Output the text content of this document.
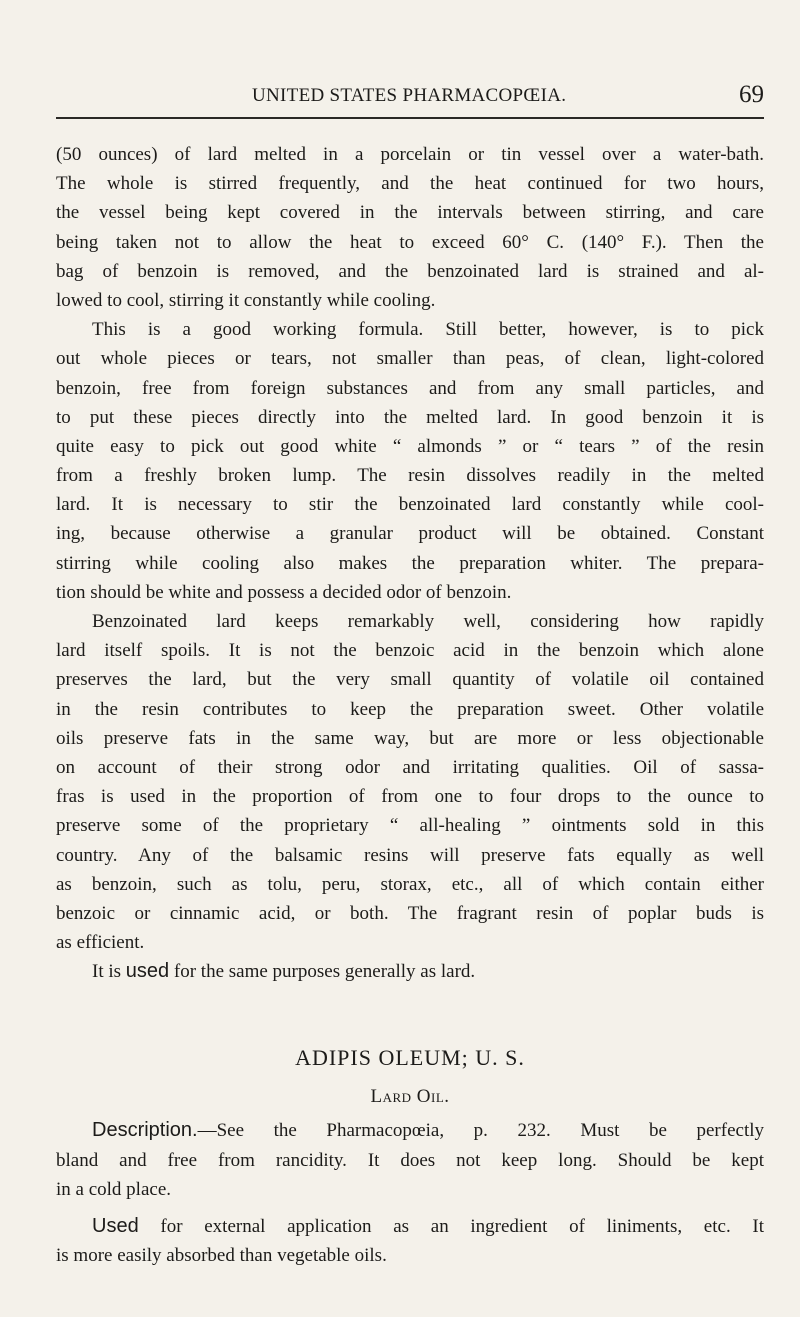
UNITED STATES PHARMACOPŒIA.	69
(50 ounces) of lard melted in a porcelain or tin vessel over a water-bath.
The whole is stirred frequently, and the heat continued for two hours,
the vessel being kept covered in the intervals between stirring, and care
being taken not to allow the heat to exceed 60° C. (140° F.). Then the
bag of benzoin is removed, and the benzoinated lard is strained and al-
lowed to cool, stirring it constantly while cooling.
This is a good working formula. Still better, however, is to pick
out whole pieces or tears, not smaller than peas, of clean, light-colored
benzoin, free from foreign substances and from any small particles, and
to put these pieces directly into the melted lard. In good benzoin it is
quite easy to pick out good white “ almonds ” or “ tears ” of the resin
from a freshly broken lump. The resin dissolves readily in the melted
lard. It is necessary to stir the benzoinated lard constantly while cool-
ing, because otherwise a granular product will be obtained. Constant
stirring while cooling also makes the preparation whiter. The prepara-
tion should be white and possess a decided odor of benzoin.
Benzoinated lard keeps remarkably well, considering how rapidly
lard itself spoils. It is not the benzoic acid in the benzoin which alone
preserves the lard, but the very small quantity of volatile oil contained
in the resin contributes to keep the preparation sweet. Other volatile
oils preserve fats in the same way, but are more or less objectionable
on account of their strong odor and irritating qualities. Oil of sassa-
fras is used in the proportion of from one to four drops to the ounce to
preserve some of the proprietary “ all-healing ” ointments sold in this
country. Any of the balsamic resins will preserve fats equally as well
as benzoin, such as tolu, peru, storax, etc., all of which contain either
benzoic or cinnamic acid, or both. The fragrant resin of poplar buds is
as efficient.
It is used for the same purposes generally as lard.
ADIPIS OLEUM; U. S.
Lard Oil.
Description.—See the Pharmacopœia, p. 232. Must be perfectly
bland and free from rancidity. It does not keep long. Should be kept
in a cold place.
Used for external application as an ingredient of liniments, etc. It
is more easily absorbed than vegetable oils.
